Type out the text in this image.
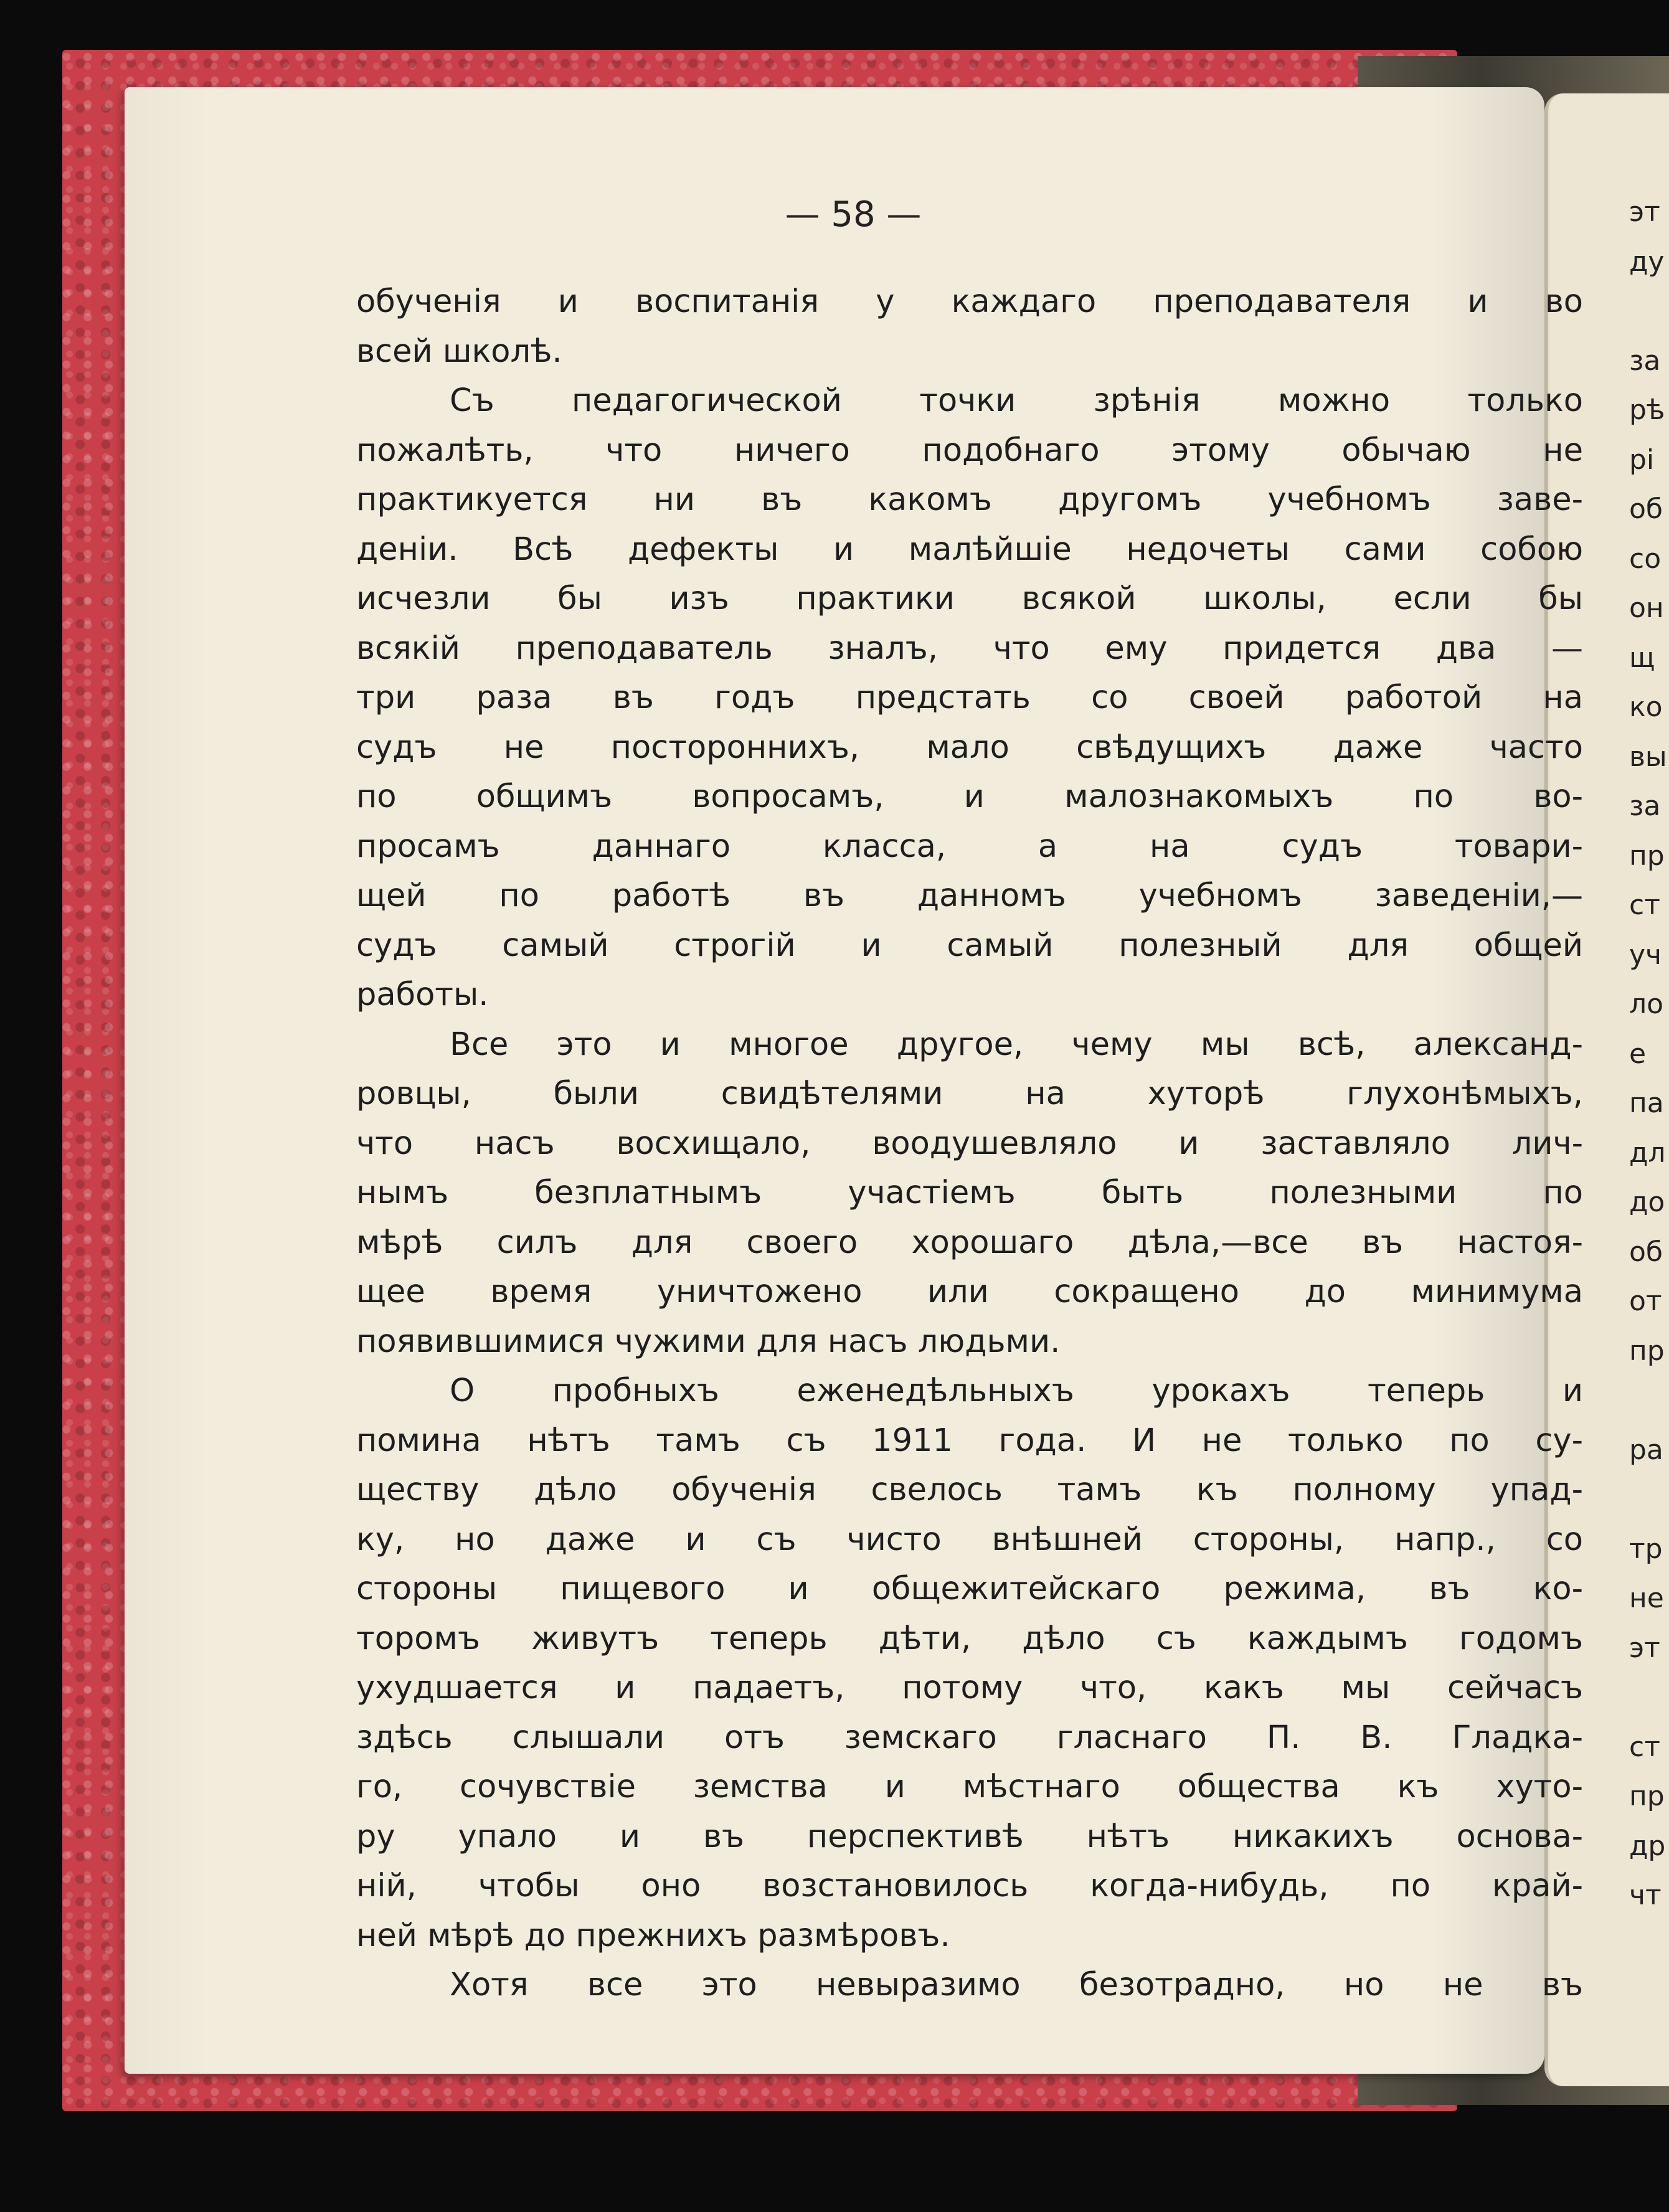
эт
ду
за
рѣ
рі
об
со
он
щ
ко
вы
за
пр
ст
уч
ло
е
па
дл
до
об
от
пр
ра
тр
не
эт
ст
пр
др
чт
— 58 —
обученія и воспитанія у каждаго преподавателя и во
всей школѣ.
Съ педагогической точки зрѣнія можно только
пожалѣть, что ничего подобнаго этому обычаю не
практикуется ни въ какомъ другомъ учебномъ заве-
деніи. Всѣ дефекты и малѣйшіе недочеты сами собою
исчезли бы изъ практики всякой школы, если бы
всякій преподаватель зналъ, что ему придется два —
три раза въ годъ предстать со своей работой на
судъ не постороннихъ, мало свѣдущихъ даже часто
по общимъ вопросамъ, и малознакомыхъ по во-
просамъ даннаго класса, а на судъ товари-
щей по работѣ въ данномъ учебномъ заведеніи,—
судъ самый строгій и самый полезный для общей
работы.
Все это и многое другое, чему мы всѣ, александ-
ровцы, были свидѣтелями на хуторѣ глухонѣмыхъ,
что насъ восхищало, воодушевляло и заставляло лич-
нымъ безплатнымъ участіемъ быть полезными по
мѣрѣ силъ для своего хорошаго дѣла,—все въ настоя-
щее время уничтожено или сокращено до минимума
появившимися чужими для насъ людьми.
О пробныхъ еженедѣльныхъ урокахъ теперь и
помина нѣтъ тамъ съ 1911 года. И не только по су-
ществу дѣло обученія свелось тамъ къ полному упад-
ку, но даже и съ чисто внѣшней стороны, напр., со
стороны пищевого и общежитейскаго режима, въ ко-
торомъ живутъ теперь дѣти, дѣло съ каждымъ годомъ
ухудшается и падаетъ, потому что, какъ мы сейчасъ
здѣсь слышали отъ земскаго гласнаго П. В. Гладка-
го, сочувствіе земства и мѣстнаго общества къ хуто-
ру упало и въ перспективѣ нѣтъ никакихъ основа-
ній, чтобы оно возстановилось когда-нибудь, по край-
ней мѣрѣ до прежнихъ размѣровъ.
Хотя все это невыразимо безотрадно, но не въ
